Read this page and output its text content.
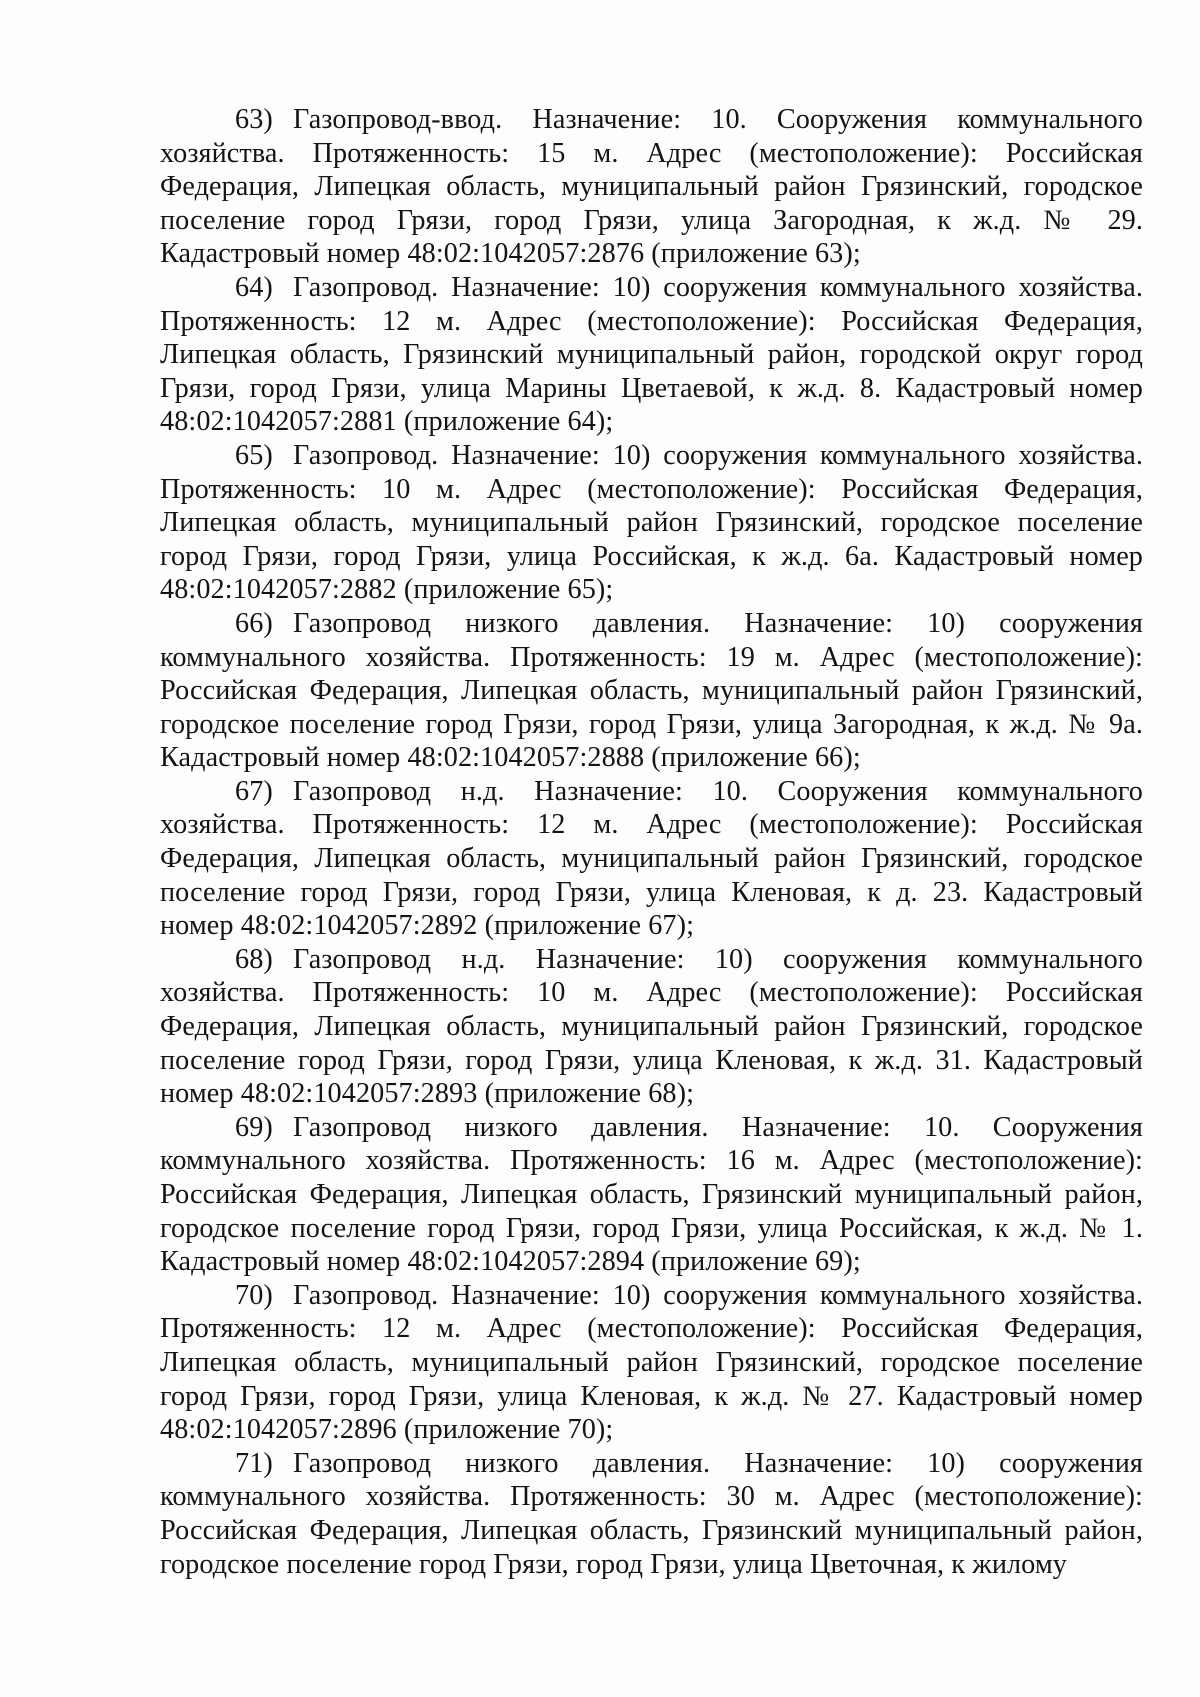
63) Газопровод-ввод. Назначение: 10. Сооружения коммунального хозяйства. Протяженность: 15 м. Адрес (местоположение): Российская Федерация, Липецкая область, муниципальный район Грязинский, городское поселение город Грязи, город Грязи, улица Загородная, к ж.д. № 29. Кадастровый номер 48:02:1042057:2876 (приложение 63);

64) Газопровод. Назначение: 10) сооружения коммунального хозяйства. Протяженность: 12 м. Адрес (местоположение): Российская Федерация, Липецкая область, Грязинский муниципальный район, городской округ город Грязи, город Грязи, улица Марины Цветаевой, к ж.д. 8. Кадастровый номер 48:02:1042057:2881 (приложение 64);

65) Газопровод. Назначение: 10) сооружения коммунального хозяйства. Протяженность: 10 м. Адрес (местоположение): Российская Федерация, Липецкая область, муниципальный район Грязинский, городское поселение город Грязи, город Грязи, улица Российская, к ж.д. 6а. Кадастровый номер 48:02:1042057:2882 (приложение 65);

66) Газопровод низкого давления. Назначение: 10) сооружения коммунального хозяйства. Протяженность: 19 м. Адрес (местоположение): Российская Федерация, Липецкая область, муниципальный район Грязинский, городское поселение город Грязи, город Грязи, улица Загородная, к ж.д. № 9а. Кадастровый номер 48:02:1042057:2888 (приложение 66);

67) Газопровод н.д. Назначение: 10. Сооружения коммунального хозяйства. Протяженность: 12 м. Адрес (местоположение): Российская Федерация, Липецкая область, муниципальный район Грязинский, городское поселение город Грязи, город Грязи, улица Кленовая, к д. 23. Кадастровый номер 48:02:1042057:2892 (приложение 67);

68) Газопровод н.д. Назначение: 10) сооружения коммунального хозяйства. Протяженность: 10 м. Адрес (местоположение): Российская Федерация, Липецкая область, муниципальный район Грязинский, городское поселение город Грязи, город Грязи, улица Кленовая, к ж.д. 31. Кадастровый номер 48:02:1042057:2893 (приложение 68);

69) Газопровод низкого давления. Назначение: 10. Сооружения коммунального хозяйства. Протяженность: 16 м. Адрес (местоположение): Российская Федерация, Липецкая область, Грязинский муниципальный район, городское поселение город Грязи, город Грязи, улица Российская, к ж.д. № 1. Кадастровый номер 48:02:1042057:2894 (приложение 69);

70) Газопровод. Назначение: 10) сооружения коммунального хозяйства. Протяженность: 12 м. Адрес (местоположение): Российская Федерация, Липецкая область, муниципальный район Грязинский, городское поселение город Грязи, город Грязи, улица Кленовая, к ж.д. № 27. Кадастровый номер 48:02:1042057:2896 (приложение 70);

71) Газопровод низкого давления. Назначение: 10) сооружения коммунального хозяйства. Протяженность: 30 м. Адрес (местоположение): Российская Федерация, Липецкая область, Грязинский муниципальный район, городское поселение город Грязи, город Грязи, улица Цветочная, к жилому
